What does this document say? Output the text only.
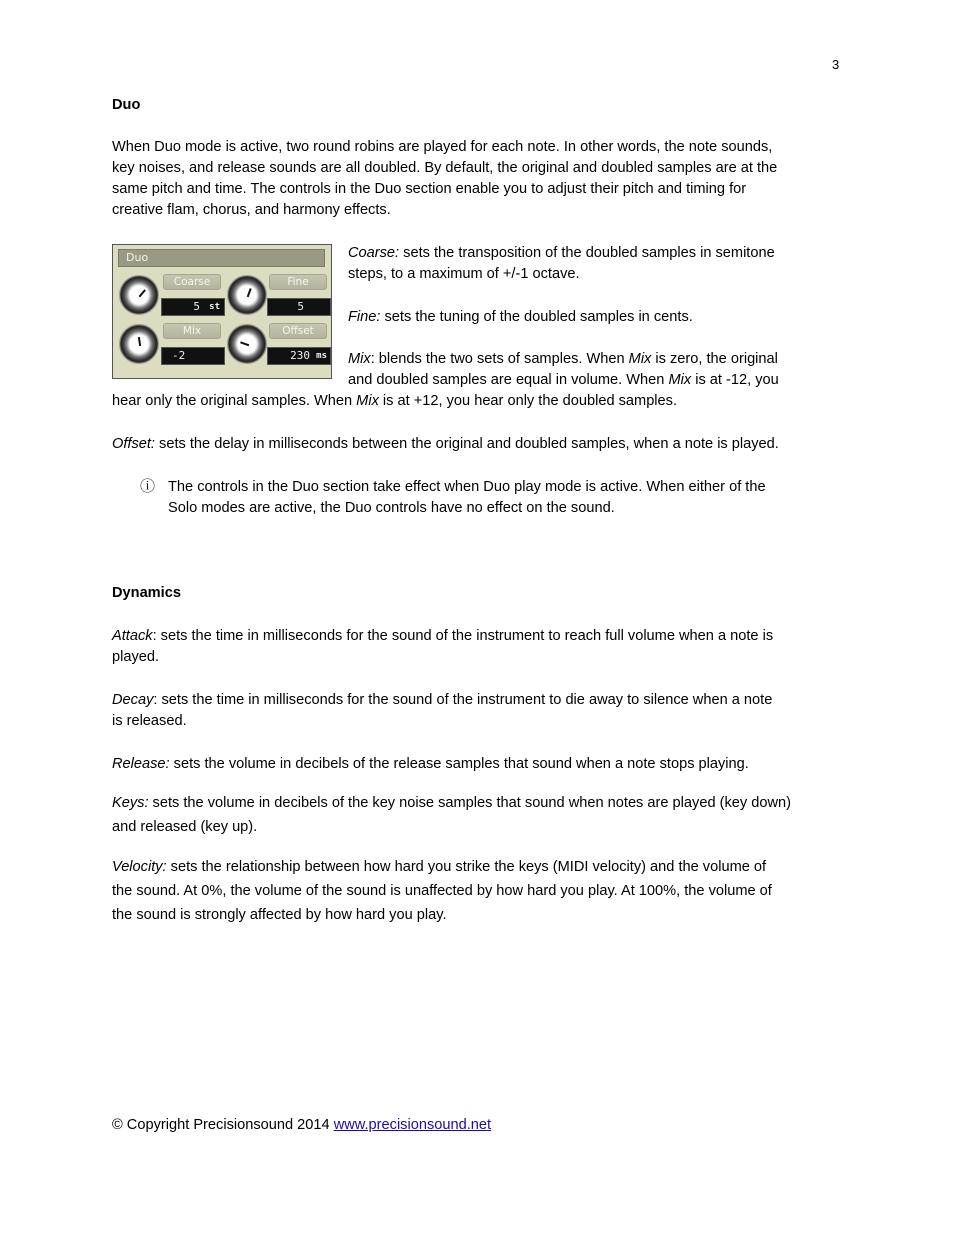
3
Duo
When Duo mode is active, two round robins are played for each note. In other words, the note sounds,
key noises, and release sounds are all doubled. By default, the original and doubled samples are at the
same pitch and time. The controls in the Duo section enable you to adjust their pitch and timing for
creative flam, chorus, and harmony effects.
Duo
Coarse
5 st
Fine
5
Mix
-2
Offset
230 ms
Coarse: sets the transposition of the doubled samples in semitone
steps, to a maximum of +/-1 octave.
Fine: sets the tuning of the doubled samples in cents.
Mix: blends the two sets of samples. When Mix is zero, the original
and doubled samples are equal in volume. When Mix is at -12, you
hear only the original samples. When Mix is at +12, you hear only the doubled samples.
Offset: sets the delay in milliseconds between the original and doubled samples, when a note is played.
ⓘ The controls in the Duo section take effect when Duo play mode is active. When either of the
Solo modes are active, the Duo controls have no effect on the sound.
Dynamics
Attack: sets the time in milliseconds for the sound of the instrument to reach full volume when a note is
played.
Decay: sets the time in milliseconds for the sound of the instrument to die away to silence when a note
is released.
Release: sets the volume in decibels of the release samples that sound when a note stops playing.
Keys: sets the volume in decibels of the key noise samples that sound when notes are played (key down)
and released (key up).
Velocity: sets the relationship between how hard you strike the keys (MIDI velocity) and the volume of
the sound. At 0%, the volume of the sound is unaffected by how hard you play. At 100%, the volume of
the sound is strongly affected by how hard you play.
© Copyright Precisionsound 2014 www.precisionsound.net
